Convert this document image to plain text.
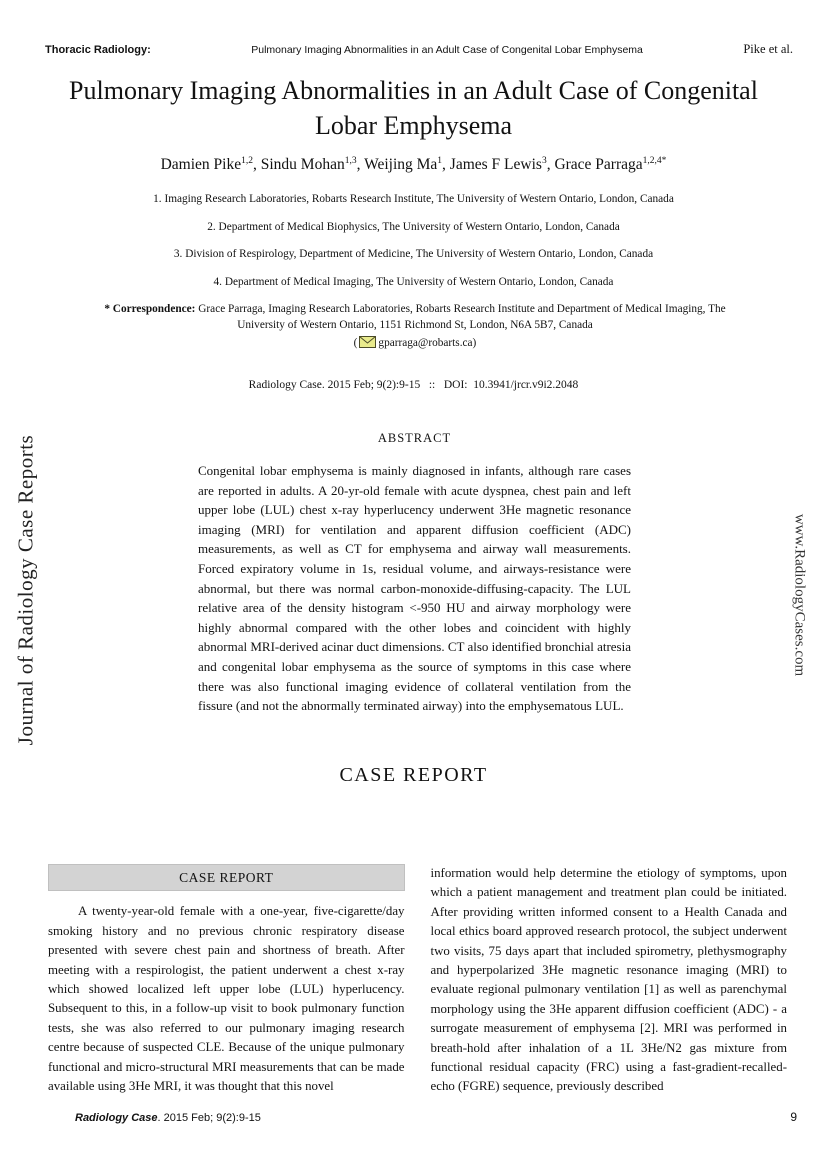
Thoracic Radiology:	Pulmonary Imaging Abnormalities in an Adult Case of Congenital Lobar Emphysema	Pike et al.
Pulmonary Imaging Abnormalities in an Adult Case of Congenital Lobar Emphysema
Damien Pike$^{1,2}$, Sindu Mohan$^{1,3}$, Weijing Ma$^1$, James F Lewis$^3$, Grace Parraga$^{1,2,4*}$
1. Imaging Research Laboratories, Robarts Research Institute, The University of Western Ontario, London, Canada
2. Department of Medical Biophysics, The University of Western Ontario, London, Canada
3. Division of Respirology, Department of Medicine, The University of Western Ontario, London, Canada
4. Department of Medical Imaging, The University of Western Ontario, London, Canada
* Correspondence: Grace Parraga, Imaging Research Laboratories, Robarts Research Institute and Department of Medical Imaging, The University of Western Ontario, 1151 Richmond St, London, N6A 5B7, Canada
( gparraga@robarts.ca)
Radiology Case. 2015 Feb; 9(2):9-15   ::   DOI:  10.3941/jrcr.v9i2.2048
Journal of Radiology Case Reports	www.RadiologyCases.com
ABSTRACT

Congenital lobar emphysema is mainly diagnosed in infants, although rare cases are reported in adults. A 20-yr-old female with acute dyspnea, chest pain and left upper lobe (LUL) chest x-ray hyperlucency underwent 3He magnetic resonance imaging (MRI) for ventilation and apparent diffusion coefficient (ADC) measurements, as well as CT for emphysema and airway wall measurements. Forced expiratory volume in 1s, residual volume, and airways-resistance were abnormal, but there was normal carbon-monoxide-diffusing-capacity. The LUL relative area of the density histogram <-950 HU and airway morphology were highly abnormal compared with the other lobes and coincident with highly abnormal MRI-derived acinar duct dimensions. CT also identified bronchial atresia and congenital lobar emphysema as the source of symptoms in this case where there was also functional imaging evidence of collateral ventilation from the fissure (and not the abnormally terminated airway) into the emphysematous LUL.

CASE REPORT
CASE REPORT

A twenty-year-old female with a one-year, five-cigarette/day smoking history and no previous chronic respiratory disease presented with severe chest pain and shortness of breath. After meeting with a respirologist, the patient underwent a chest x-ray which showed localized left upper lobe (LUL) hyperlucency. Subsequent to this, in a follow-up visit to book pulmonary function tests, she was also referred to our pulmonary imaging research centre because of suspected CLE. Because of the unique pulmonary functional and micro-structural MRI measurements that can be made available using 3He MRI, it was thought that this novel

information would help determine the etiology of symptoms, upon which a patient management and treatment plan could be initiated. After providing written informed consent to a Health Canada and local ethics board approved research protocol, the subject underwent two visits, 75 days apart that included spirometry, plethysmography and hyperpolarized 3He magnetic resonance imaging (MRI) to evaluate regional pulmonary ventilation [1] as well as parenchymal morphology using the 3He apparent diffusion coefficient (ADC) - a surrogate measurement of emphysema [2]. MRI was performed in breath-hold after inhalation of a 1L 3He/N2 gas mixture from functional residual capacity (FRC) using a fast-gradient-recalled-echo (FGRE) sequence, previously described

Radiology Case. 2015 Feb; 9(2):9-15	9
